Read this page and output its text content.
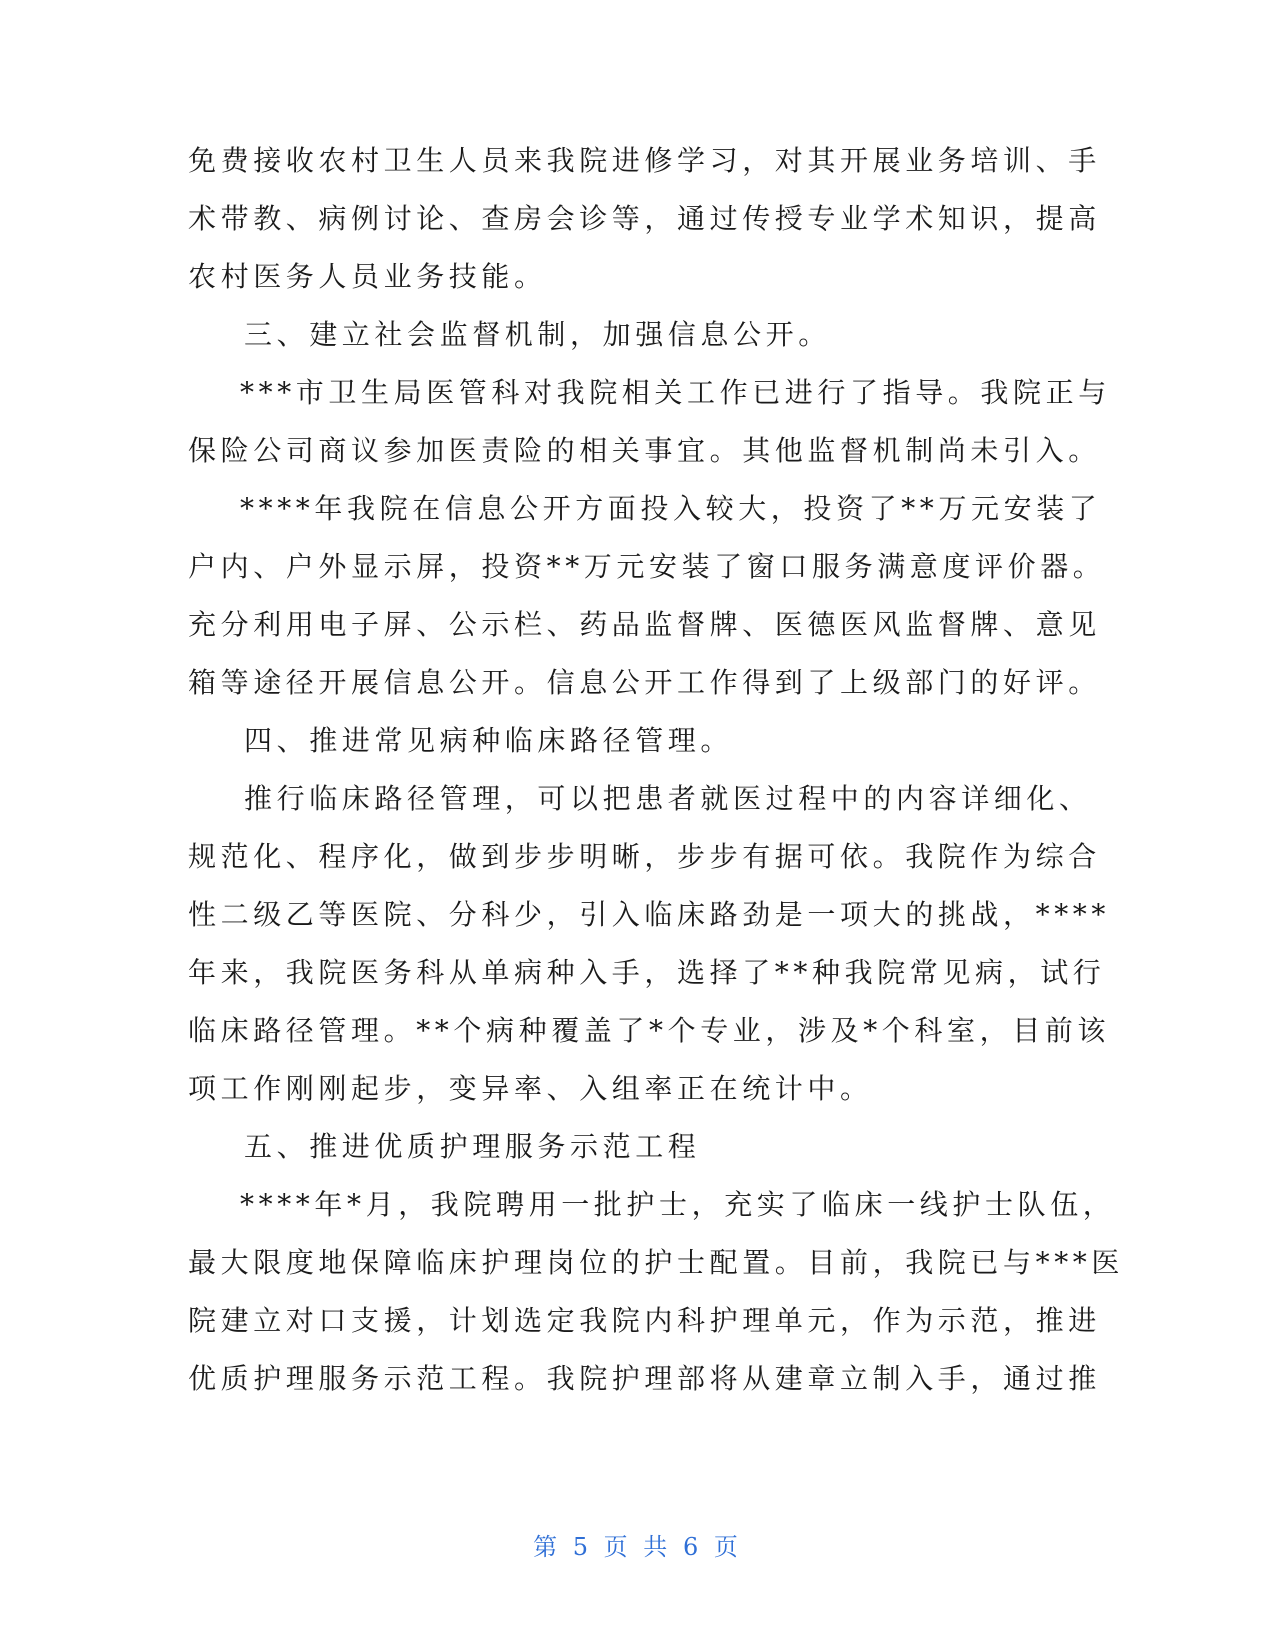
免费接收农村卫生人员来我院进修学习，对其开展业务培训、手
术带教、病例讨论、查房会诊等，通过传授专业学术知识，提高
农村医务人员业务技能。
三、建立社会监督机制，加强信息公开。
***市卫生局医管科对我院相关工作已进行了指导。我院正与
保险公司商议参加医责险的相关事宜。其他监督机制尚未引入。
****年我院在信息公开方面投入较大，投资了**万元安装了
户内、户外显示屏，投资**万元安装了窗口服务满意度评价器。
充分利用电子屏、公示栏、药品监督牌、医德医风监督牌、意见
箱等途径开展信息公开。信息公开工作得到了上级部门的好评。
四、推进常见病种临床路径管理。
推行临床路径管理，可以把患者就医过程中的内容详细化、
规范化、程序化，做到步步明晰，步步有据可依。我院作为综合
性二级乙等医院、分科少，引入临床路劲是一项大的挑战，****
年来，我院医务科从单病种入手，选择了**种我院常见病，试行
临床路径管理。**个病种覆盖了*个专业，涉及*个科室，目前该
项工作刚刚起步，变异率、入组率正在统计中。
五、推进优质护理服务示范工程
****年*月，我院聘用一批护士，充实了临床一线护士队伍，
最大限度地保障临床护理岗位的护士配置。目前，我院已与***医
院建立对口支援，计划选定我院内科护理单元，作为示范，推进
优质护理服务示范工程。我院护理部将从建章立制入手，通过推
第 5 页 共 6 页
